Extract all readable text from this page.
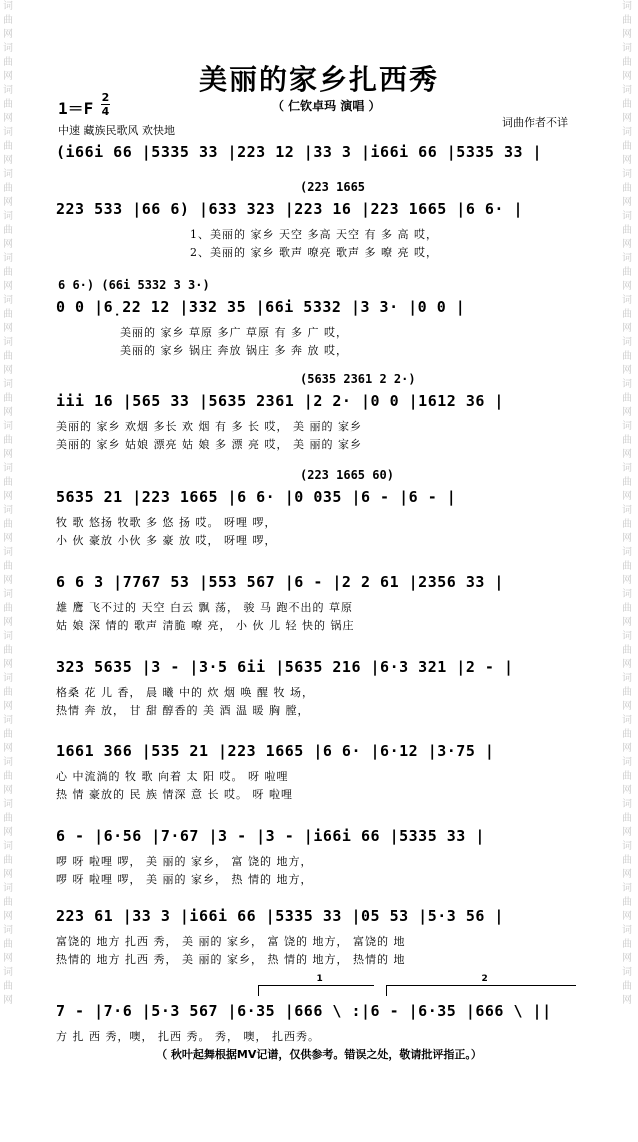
词
曲
网
词
曲
网
词
曲
网
词
曲
网
词
曲
网
词
曲
网
词
曲
网
词
曲
网
词
曲
网
词
曲
网
词
曲
网
词
曲
网
词
曲
网
词
曲
网
词
曲
网
词
曲
网
词
曲
网
词
曲
网
词
曲
网
词
曲
网
词
曲
网
词
曲
网
词
曲
网
词
曲
网
词
曲
网
词
曲
网
词
曲
网
词
曲
网
词
曲
网
词
曲
网
词
曲
网
词
曲
网
词
曲
网
词
曲
网
词
曲
网
词
曲
网
词
曲
网
词
曲
网
词
曲
网
词
曲
网
词
曲
网
词
曲
网
词
曲
网
词
曲
网
词
曲
网
词
曲
网
词
曲
网
词
曲
网
美丽的家乡扎西秀
1＝F
2
4	（ 仁钦卓玛 演唱 ）
中速 藏族民歌风 欢快地
词曲作者不详
(i66i 66 |5335 33 |223 12 |33 3 |i66i 66 |5335 33 |
(223 1665
223 533 |66 6) |633 323 |223 16 |223 1665 |6 6· |
1、美丽的 家乡 天空 多高 天空 有 多 高 哎，
2、美丽的 家乡 歌声 嘹亮 歌声 多 嘹 亮 哎，
6 6·) (66i 5332 3 3·)
0 0 |6̣22 12 |332 35 |66i 5332 |3 3· |0 0 |
美丽的 家乡 草原 多广 草原 有 多 广 哎，
美丽的 家乡 锅庄 奔放 锅庄 多 奔 放 哎，
(5635 2361 2 2·)
iii 16 |565 33 |5635 2361 |2 2· |0 0 |1612 36 |
美丽的 家乡 欢烟 多长 欢 烟 有 多 长 哎， 美 丽的 家乡
美丽的 家乡 姑娘 漂亮 姑 娘 多 漂 亮 哎， 美 丽的 家乡
(223 1665 60)
5635 21 |223 1665 |6 6· |0 035 |6 - |6 - |
牧 歌 悠扬 牧歌 多 悠 扬 哎。 呀哩 啰，
小 伙 豪放 小伙 多 豪 放 哎， 呀哩 啰，
6 6 3 |7767 53 |553 567 |6 - |2 2 61 |2356 33 |
雄 鹰 飞不过的 天空 白云 飘 荡， 骏 马 跑不出的 草原
姑 娘 深 情的 歌声 清脆 嘹 亮， 小 伙 儿 轻 快的 锅庄
323 5635 |3 - |3·5 6ii |5635 216 |6·3 321 |2 - |
格桑 花 儿 香， 晨 曦 中的 炊 烟 唤 醒 牧 场，
热情 奔 放， 甘 甜 醇香的 美 酒 温 暖 胸 膛，
1661 366 |535 21 |223 1665 |6 6· |6·12 |3·75 |
心 中流淌的 牧 歌 向着 太 阳 哎。 呀 啦哩
热 情 豪放的 民 族 情深 意 长 哎。 呀 啦哩
6 - |6·56 |7·67 |3 - |3 - |i66i 66 |5335 33 |
啰 呀 啦哩 啰， 美 丽的 家乡， 富 饶的 地方，
啰 呀 啦哩 啰， 美 丽的 家乡， 热 情的 地方，
223 61 |33 3 |i66i 66 |5335 33 |05 53 |5·3 56 |
富饶的 地方 扎西 秀， 美 丽的 家乡， 富 饶的 地方， 富饶的 地
热情的 地方 扎西 秀， 美 丽的 家乡， 热 情的 地方， 热情的 地
7 - |7·6 |5·3 567 |6·35 |666 \ :|6 - |6·35 |666 \ ||
方 扎 西 秀，噢， 扎西 秀。 秀， 噢， 扎西秀。
1	2
（ 秋叶起舞根据MV记谱，仅供参考。错误之处，敬请批评指正。）
